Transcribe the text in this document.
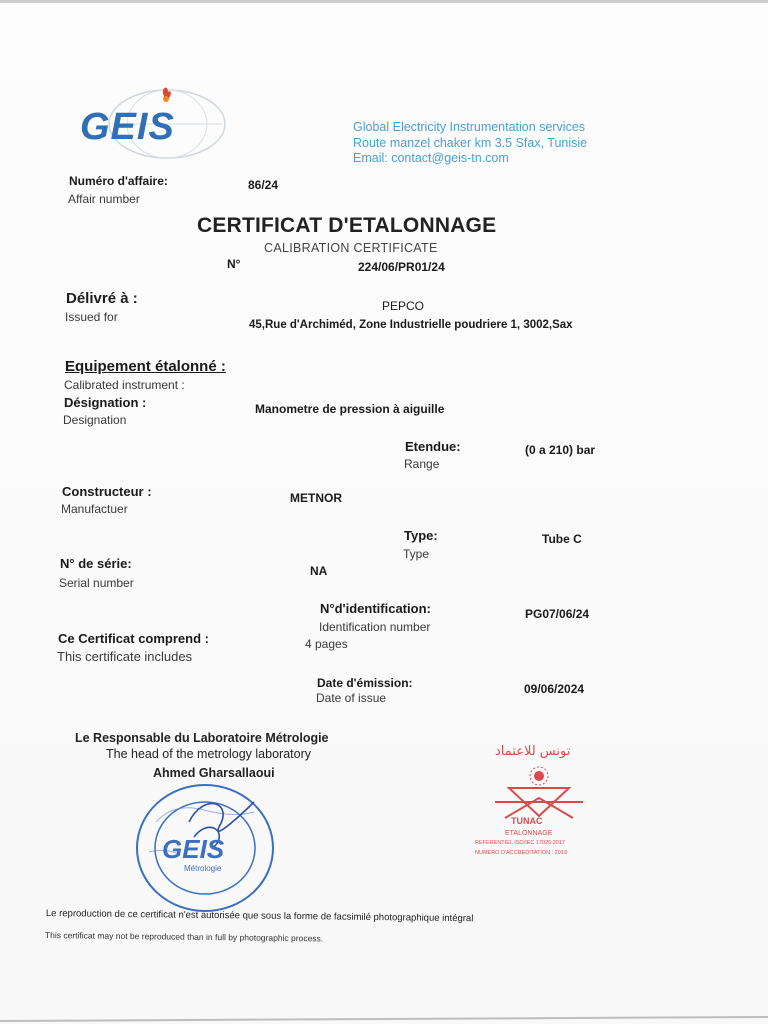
GEIS	Global Electricity Instrumentation services
Route manzel chaker km 3.5 Sfax, Tunisie
Email: contact@geis-tn.com
Numéro d'affaire:
Affair number
86/24
CERTIFICAT D'ETALONNAGE
CALIBRATION CERTIFICATE
N°	224/06/PR01/24
Délivré à :
Issued for
PEPCO
45,Rue d'Archiméd, Zone Industrielle poudriere 1, 3002,Sax
Equipement étalonné :
Calibrated instrument :
Désignation :
Designation
Manometre de pression à aiguille
Etendue:
Range
(0 a 210) bar
Constructeur :
Manufactuer
METNOR
Type:
Type
Tube C
N° de série:
Serial number
NA
N°d'identification:
Identification number
PG07/06/24
Ce Certificat comprend :
This certificate includes
4 pages
Date d'émission:
Date of issue
09/06/2024
Le Responsable du Laboratoire Métrologie
The head of the metrology laboratory
Ahmed Gharsallaoui
GEIS
Métrologie
تونس للاعتماد
TUNAC
ETALONNAGE
REFERENTIEL ISO/IEC 17025:2017
NUMERO D'ACCREDITATION : 2019
Le reproduction de ce certificat n'est autorisée que sous la forme de facsimilé photographique intégral
This certificat may not be reproduced than in full by photographic process.
